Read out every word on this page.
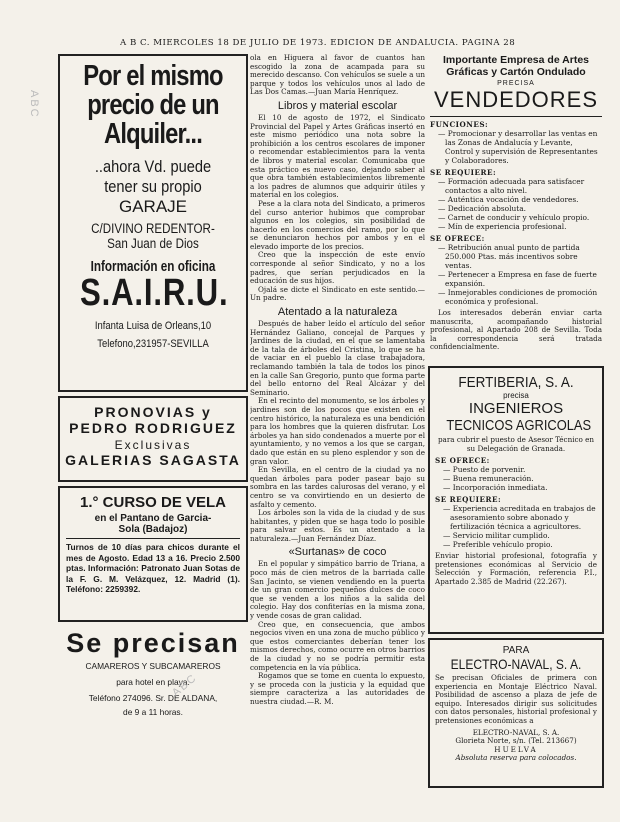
A B C. MIERCOLES 18 DE JULIO DE 1973. EDICION DE ANDALUCIA. PAGINA 28
Por el mismo
precio de un
Alquiler...
..ahora Vd. puede
tener su propio
GARAJE
C/DIVINO REDENTOR-
San Juan de Dios
Información en oficina
S.A.I.R.U.
Infanta Luisa de Orleans,10
Telefono,231957-SEVILLA
PRONOVIAS y
PEDRO RODRIGUEZ
Exclusivas
GALERIAS SAGASTA
1.° CURSO DE VELA
en el Pantano de Garcia-
Sola (Badajoz)
Turnos de 10 días para chicos durante el mes de Agosto. Edad 13 a 16. Precio 2.500 ptas. Información: Patronato Juan Sotas de la F. G. M. Velázquez, 12. Madrid (1). Teléfono: 2259392.
Se precisan
CAMAREROS Y SUBCAMAREROS
para hotel en playa.
Teléfono 274096. Sr. DE ALDANA,
de 9 a 11 horas.
ola en Higuera al favor de cuantos han escogido la zona de acampada para su merecido descanso. Con vehículos se suele a un parque y todos los vehículos unos al lado de Las Dos Camas.—Juan María Henríquez.
Libros y material escolar
El 10 de agosto de 1972, el Sindicato Provincial del Papel y Artes Gráficas insertó en este mismo periódico una nota sobre la prohibición a los centros escolares de imponer o recomendar establecimientos para la venta de libros y material escolar. Comunicaba que esta práctico es nuevo caso, dejando saber al que obra también establecimientos libremente a los padres de alumnos que adquirir útiles y material en los colegios.
Pese a la clara nota del Sindicato, a primeros del curso anterior hubimos que comprobar algunos en los colegios, sin posibilidad de hacerlo en los comercios del ramo, por lo que se denunciaron hechos por ambos y en el elevado importe de los precios.
Creo que la inspección de este envío corresponde al señor Sindicato, y no a los padres, que serían perjudicados en la educación de sus hijos.
Ojalá se dicte el Sindicato en este sentido.—Un padre.
Atentado a la naturaleza
Después de haber leído el artículo del señor Hernández Galiano, concejal de Parques y Jardines de la ciudad, en el que se lamentaba de la tala de árboles del Cristina, lo que se ha de vaciar en el pueblo la clase trabajadora, reclamando también la tala de todos los pinos en la calle San Gregorio, punto que forma parte del bello entorno del Real Alcázar y del Seminario.
En el recinto del monumento, se los árboles y jardines son de los pocos que existen en el centro histórico, la naturaleza es una bendición para los hombres que la quieren disfrutar. Los árboles ya han sido condenados a muerte por el ayuntamiento, y no vemos a los que se cargan, dado que están en su pleno esplendor y son de gran valor.
En Sevilla, en el centro de la ciudad ya no quedan árboles para poder pasear bajo su sombra en las tardes calurosas del verano, y el centro se va convirtiendo en un desierto de asfalto y cemento.
Los árboles son la vida de la ciudad y de sus habitantes, y piden que se haga todo lo posible para salvar estos. Es un atentado a la naturaleza.—Juan Fernández Díaz.
«Surtanas» de coco
En el popular y simpático barrio de Triana, a poco más de cien metros de la barriada calle San Jacinto, se vienen vendiendo en la puerta de un gran comercio pequeños dulces de coco que se venden a los niños a la salida del colegio. Hay dos confiterías en la misma zona, y vende cosas de gran calidad.
Creo que, en consecuencia, que ambos negocios viven en una zona de mucho público y que estos comerciantes deberían tener los mismos derechos, como ocurre en otros barrios de la ciudad y no se podría permitir esta competencia en la vía pública.
Rogamos que se tome en cuenta lo expuesto, y se proceda con la justicia y la equidad que siempre caracteriza a las autoridades de nuestra ciudad.—R. M.
Importante Empresa de Artes
Gráficas y Cartón Ondulado
PRECISA
VENDEDORES
FUNCIONES:
— Promocionar y desarrollar las ventas en las Zonas de Andalucía y Levante, Control y supervisión de Representantes y Colaboradores.
SE REQUIERE:
— Formación adecuada para satisfacer contactos a alto nivel.
— Auténtica vocación de vendedores.
— Dedicación absoluta.
— Carnet de conducir y vehículo propio.
— Mín de experiencia profesional.
SE OFRECE:
— Retribución anual punto de partida 250.000 Ptas. más incentivos sobre ventas.
— Pertenecer a Empresa en fase de fuerte expansión.
— Inmejorables condiciones de promoción económica y profesional.
Los interesados deberán enviar carta manuscrita, acompañando historial profesional, al Apartado 208 de Sevilla. Toda la correspondencia será tratada confidencialmente.
FERTIBERIA, S. A.
precisa
INGENIEROS
TECNICOS AGRICOLAS
para cubrir el puesto de Asesor Técnico en su Delegación de Granada.
SE OFRECE:
— Puesto de porvenir.
— Buena remuneración.
— Incorporación inmediata.
SE REQUIERE:
— Experiencia acreditada en trabajos de asesoramiento sobre abonado y fertilización técnica a agricultores.
— Servicio militar cumplido.
— Preferible vehículo propio.
Enviar historial profesional, fotografía y pretensiones económicas al Servicio de Selección y Formación, referencia P.I., Apartado 2.385 de Madrid (22.267).
PARA
ELECTRO-NAVAL, S. A.
Se precisan Oficiales de primera con experiencia en Montaje Eléctrico Naval. Posibilidad de ascenso a plaza de jefe de equipo. Interesados dirigir sus solicitudes con datos personales, historial profesional y pretensiones económicas a
ELECTRO-NAVAL, S. A.
Glorieta Norte, s/n. (Tel. 213667)
HUELVA
Absoluta reserva para colocados.
ABC
ABC
